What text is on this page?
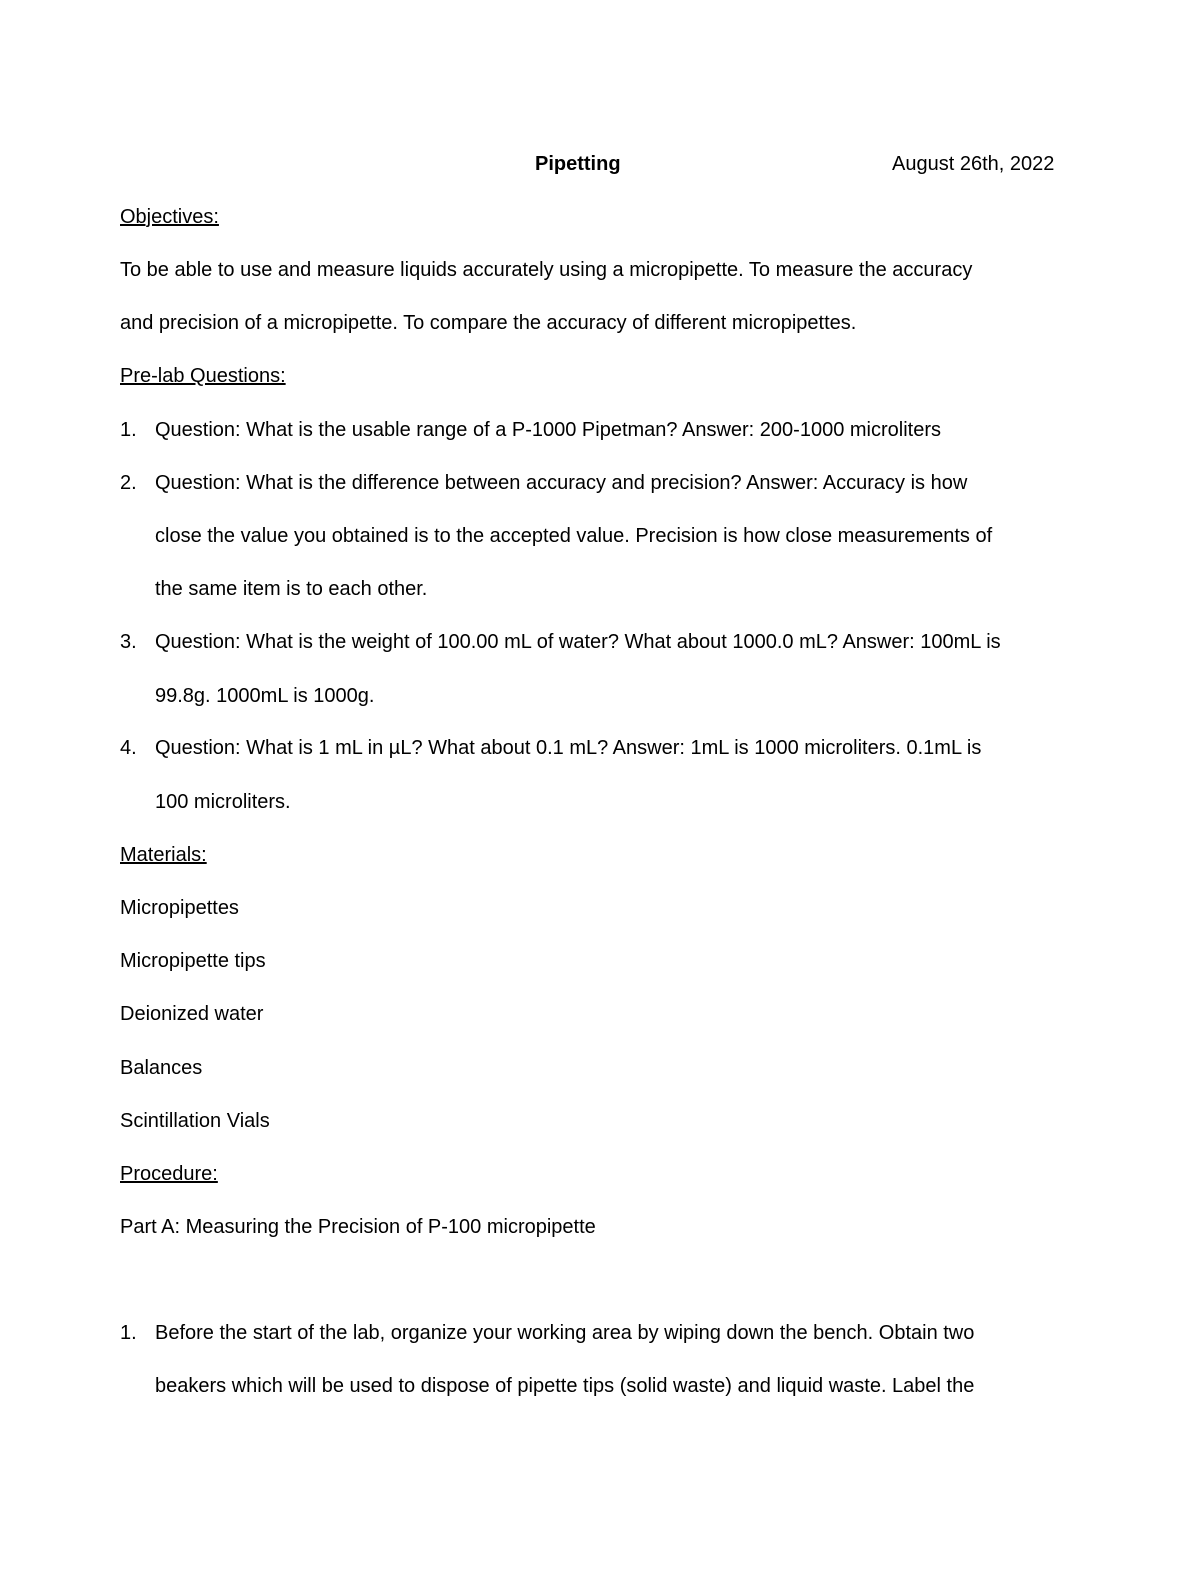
Pipetting	August 26th, 2022
Objectives:
To be able to use and measure liquids accurately using a micropipette. To measure the accuracy
and precision of a micropipette. To compare the accuracy of different micropipettes.
Pre-lab Questions:
1. Question: What is the usable range of a P-1000 Pipetman? Answer: 200-1000 microliters
2. Question: What is the difference between accuracy and precision? Answer: Accuracy is how
close the value you obtained is to the accepted value. Precision is how close measurements of
the same item is to each other.
3. Question: What is the weight of 100.00 mL of water? What about 1000.0 mL? Answer: 100mL is
99.8g. 1000mL is 1000g.
4. Question: What is 1 mL in µL? What about 0.1 mL? Answer: 1mL is 1000 microliters. 0.1mL is
100 microliters.
Materials:
Micropipettes
Micropipette tips
Deionized water
Balances
Scintillation Vials
Procedure:
Part A: Measuring the Precision of P-100 micropipette
1. Before the start of the lab, organize your working area by wiping down the bench. Obtain two
beakers which will be used to dispose of pipette tips (solid waste) and liquid waste. Label the
